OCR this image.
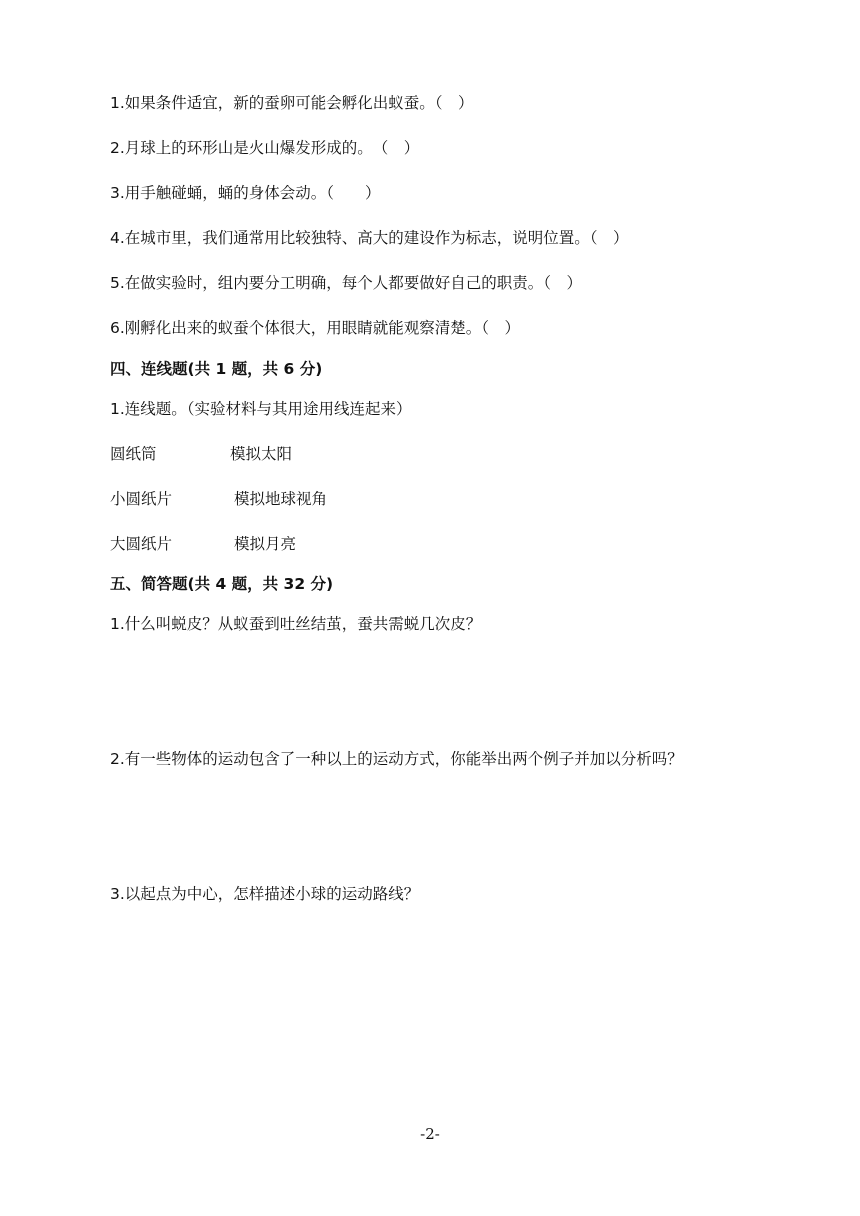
1.如果条件适宜，新的蚕卵可能会孵化出蚁蚕。（　）
2.月球上的环形山是火山爆发形成的。　（　）
3.用手触碰蛹，蛹的身体会动。（　　）
4.在城市里，我们通常用比较独特、高大的建设作为标志，说明位置。（　）
5.在做实验时，组内要分工明确，每个人都要做好自己的职责。（　）
6.刚孵化出来的蚁蚕个体很大，用眼睛就能观察清楚。（　）
四、连线题(共 1 题，共 6 分)
1.连线题。（实验材料与其用途用线连起来）
圆纸筒	模拟太阳
小圆纸片	模拟地球视角
大圆纸片	模拟月亮
五、简答题(共 4 题，共 32 分)
1.什么叫蜕皮？从蚁蚕到吐丝结茧，蚕共需蜕几次皮？
2.有一些物体的运动包含了一种以上的运动方式，你能举出两个例子并加以分析吗？
3.以起点为中心，怎样描述小球的运动路线？
-2-
